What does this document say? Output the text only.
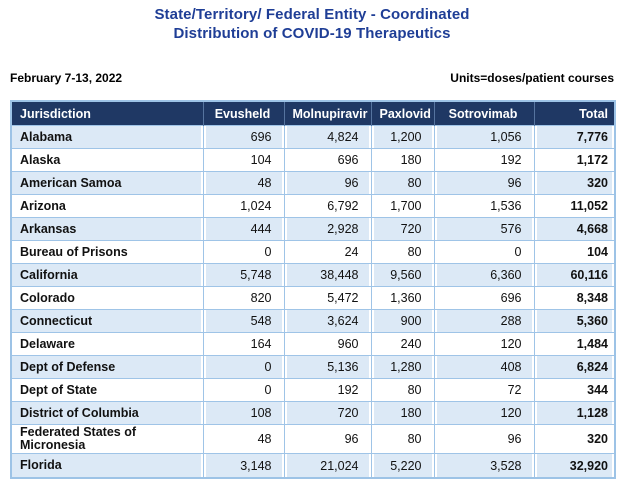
State/Territory/ Federal Entity - Coordinated
Distribution of COVID-19 Therapeutics
February 7-13, 2022	Units=doses/patient courses
Jurisdiction	Evusheld	Molnupiravir	Paxlovid	Sotrovimab	Total
Alabama	696	4,824	1,200	1,056	7,776
Alaska	104	696	180	192	1,172
American Samoa	48	96	80	96	320
Arizona	1,024	6,792	1,700	1,536	11,052
Arkansas	444	2,928	720	576	4,668
Bureau of Prisons	0	24	80	0	104
California	5,748	38,448	9,560	6,360	60,116
Colorado	820	5,472	1,360	696	8,348
Connecticut	548	3,624	900	288	5,360
Delaware	164	960	240	120	1,484
Dept of Defense	0	5,136	1,280	408	6,824
Dept of State	0	192	80	72	344
District of Columbia	108	720	180	120	1,128
Federated States of Micronesia	48	96	80	96	320
Florida	3,148	21,024	5,220	3,528	32,920
